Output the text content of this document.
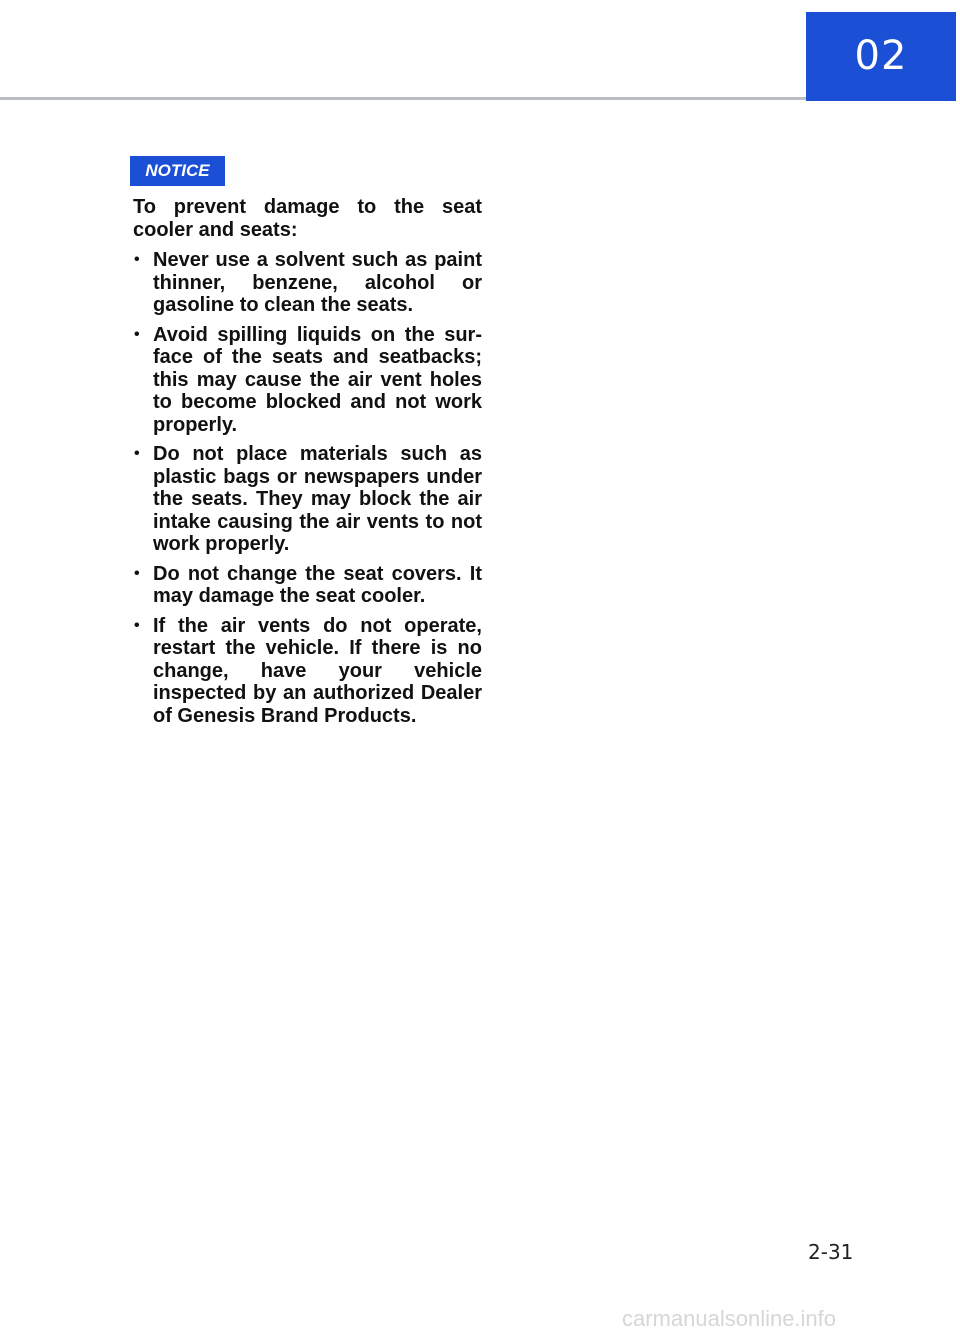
02
NOTICE

To prevent damage to the seat cooler and seats:

• Never use a solvent such as paint thinner, benzene, alcohol or gasoline to clean the seats.
• Avoid spilling liquids on the sur-face of the seats and seatbacks; this may cause the air vent holes to become blocked and not work properly.
• Do not place materials such as plastic bags or newspapers under the seats. They may block the air intake causing the air vents to not work properly.
• Do not change the seat covers. It may damage the seat cooler.
• If the air vents do not operate, restart the vehicle. If there is no change, have your vehicle inspected by an authorized Dealer of Genesis Brand Products.
2-31
carmanualsonline.info
